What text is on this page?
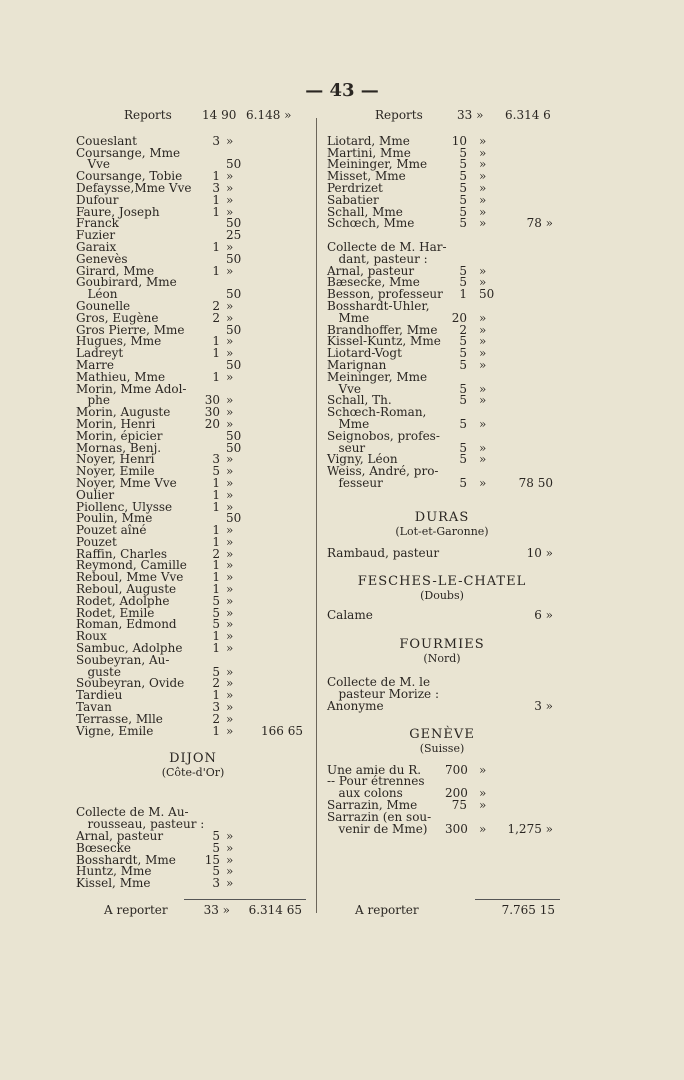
— 43 —
Reports	14 90 6.148 »
Coueslant	3 »
Coursange, Mme
Vve	50
Coursange, Tobie	1 »
Defaysse,Mme Vve	3 »
Dufour	1 »
Faure, Joseph	1 »
Franck	50
Fuzier	25
Garaix	1 »
Genevès	50
Girard, Mme	1 »
Goubirard, Mme
Léon	50
Gounelle	2 »
Gros, Eugène	2 »
Gros Pierre, Mme	50
Hugues, Mme	1 »
Ladreyt	1 »
Marre	50
Mathieu, Mme	1 »
Morin, Mme Adol-
phe	30 »
Morin, Auguste	30 »
Morin, Henri	20 »
Morin, épicier	50
Mornas, Benj.	50
Noyer, Henri	3 »
Noyer, Emile	5 »
Noyer, Mme Vve	1 »
Oulier	1 »
Piollenc, Ulysse	1 »
Poulin, Mme	50
Pouzet aîné	1 »
Pouzet	1 »
Raffin, Charles	2 »
Reymond, Camille	1 »
Reboul, Mme Vve	1 »
Reboul, Auguste	1 »
Rodet, Adolphe	5 »
Rodet, Emile	5 »
Roman, Edmond	5 »
Roux	1 »
Sambuc, Adolphe	1 »
Soubeyran, Au-
guste	5 »
Soubeyran, Ovide	2 »
Tardieu	1 »
Tavan	3 »
Terrasse, Mlle	2 »
Vigne, Emile	1 »	166 65
DIJON
(Côte-d'Or)
Collecte de M. Au-
rousseau, pasteur :
Arnal, pasteur	5 »
Bœsecke	5 »
Bosshardt, Mme	15 »
Huntz, Mme	5 »
Kissel, Mme	3 »
Reports	33 »	6.314 6
Liotard, Mme	10 »
Martini, Mme	5 »
Meininger, Mme	5 »
Misset, Mme	5 »
Perdrizet	5 »
Sabatier	5 »
Schall, Mme	5 »
Schœch, Mme	5 »	78 »
Collecte de M. Har-
dant, pasteur :
Arnal, pasteur	5 »
Bæsecke, Mme	5 »
Besson, professeur	1 50
Bosshardt-Uhler,
Mme	20 »
Brandhoffer, Mme	2 »
Kissel-Kuntz, Mme	5 »
Liotard-Vogt	5 »
Marignan	5 »
Meininger, Mme
Vve	5 »
Schall, Th.	5 »
Schœch-Roman,
Mme	5 »
Seignobos, profes-
seur	5 »
Vigny, Léon	5 »
Weiss, André, pro-
fesseur	5 »	78 50
DURAS
(Lot-et-Garonne)
Rambaud, pasteur	10 »
FESCHES-LE-CHATEL
(Doubs)
Calame	6 »
FOURMIES
(Nord)
Collecte de M. le
pasteur Morize :
Anonyme	3 »
GENÈVE
(Suisse)
Une amie du R. 700 »
-- Pour étrennes
aux colons	200 »
Sarrazin, Mme	75 »
Sarrazin (en sou-
venir de Mme) 300 »	1,275 »
A reporter	33 »	6.314 65	A reporter	7.765 15
